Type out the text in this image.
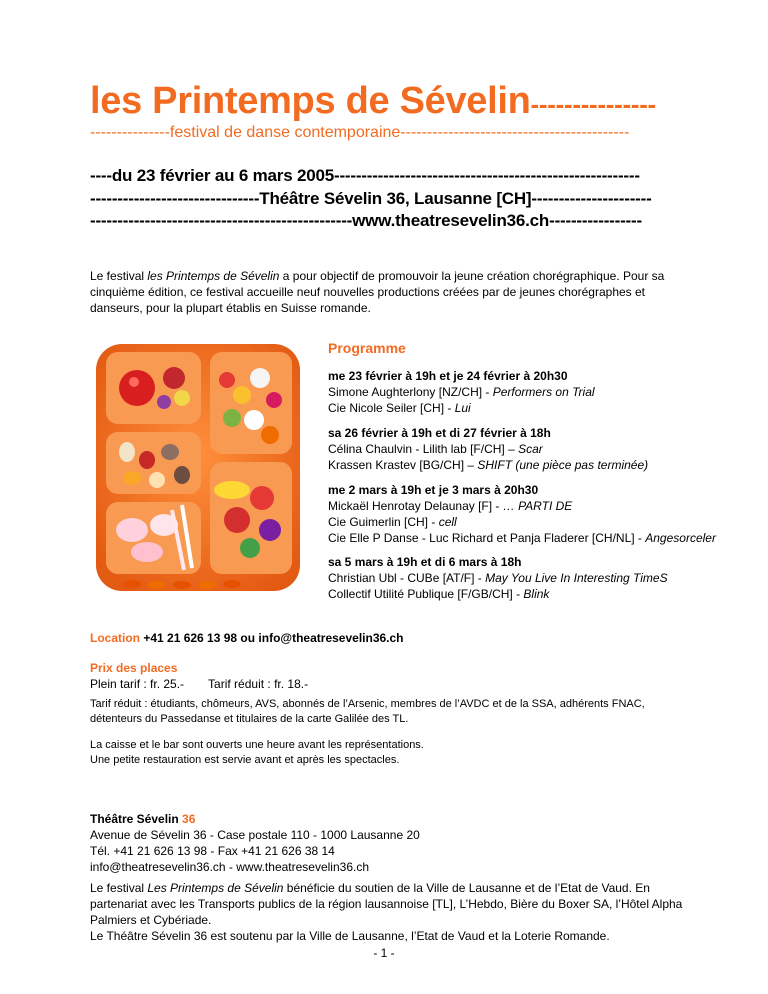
les Printemps de Sévelin---------------
---------------festival de danse contemporaine-------------------------------------------
----du 23 février au 6 mars 2005--------------------------------------------------------
-------------------------------Théâtre Sévelin 36, Lausanne [CH]----------------------
------------------------------------------------www.theatresevelin36.ch-----------------
Le festival les Printemps de Sévelin a pour objectif de promouvoir la jeune création chorégraphique. Pour sa cinquième édition, ce festival accueille neuf nouvelles productions créées par de jeunes chorégraphes et danseurs, pour la plupart établis en Suisse romande.
Programme

me 23 février à 19h et je 24 février à 20h30

Simone Aughterlony [NZ/CH] - Performers on Trial

Cie Nicole Seiler [CH] - Lui

sa 26 février à 19h et di 27 février à 18h

Célina Chaulvin - Lilith lab [F/CH] – Scar

Krassen Krastev [BG/CH] – SHIFT (une pièce pas terminée)

me 2 mars à 19h et je 3 mars à 20h30

Mickaël Henrotay Delaunay [F] - … PARTI DE

Cie Guimerlin [CH] - cell

Cie Elle P Danse - Luc Richard et Panja Fladerer [CH/NL] - Angesorceler

sa 5 mars à 19h et di 6 mars à 18h

Christian Ubl - CUBe [AT/F] - May You Live In Interesting TimeS

Collectif Utilité Publique [F/GB/CH] - Blink

Location +41 21 626 13 98 ou info@theatresevelin36.ch

Prix des places

Plein tarif : fr. 25.- Tarif réduit : fr. 18.-

Tarif réduit : étudiants, chômeurs, AVS, abonnés de l’Arsenic, membres de l’AVDC et de la SSA, adhérents FNAC, détenteurs du Passedanse et titulaires de la carte Galilée des TL.

La caisse et le bar sont ouverts une heure avant les représentations.

Une petite restauration est servie avant et après les spectacles.

Théâtre Sévelin 36

Avenue de Sévelin 36 - Case postale 110 - 1000 Lausanne 20

Tél. +41 21 626 13 98 - Fax +41 21 626 38 14

info@theatresevelin36.ch - www.theatresevelin36.ch

Le festival Les Printemps de Sévelin bénéficie du soutien de la Ville de Lausanne et de l’Etat de Vaud. En partenariat avec les Transports publics de la région lausannoise [TL], L’Hebdo, Bière du Boxer SA, l’Hôtel Alpha Palmiers et Cybériade.

Le Théâtre Sévelin 36 est soutenu par la Ville de Lausanne, l’Etat de Vaud et la Loterie Romande.

- 1 -
